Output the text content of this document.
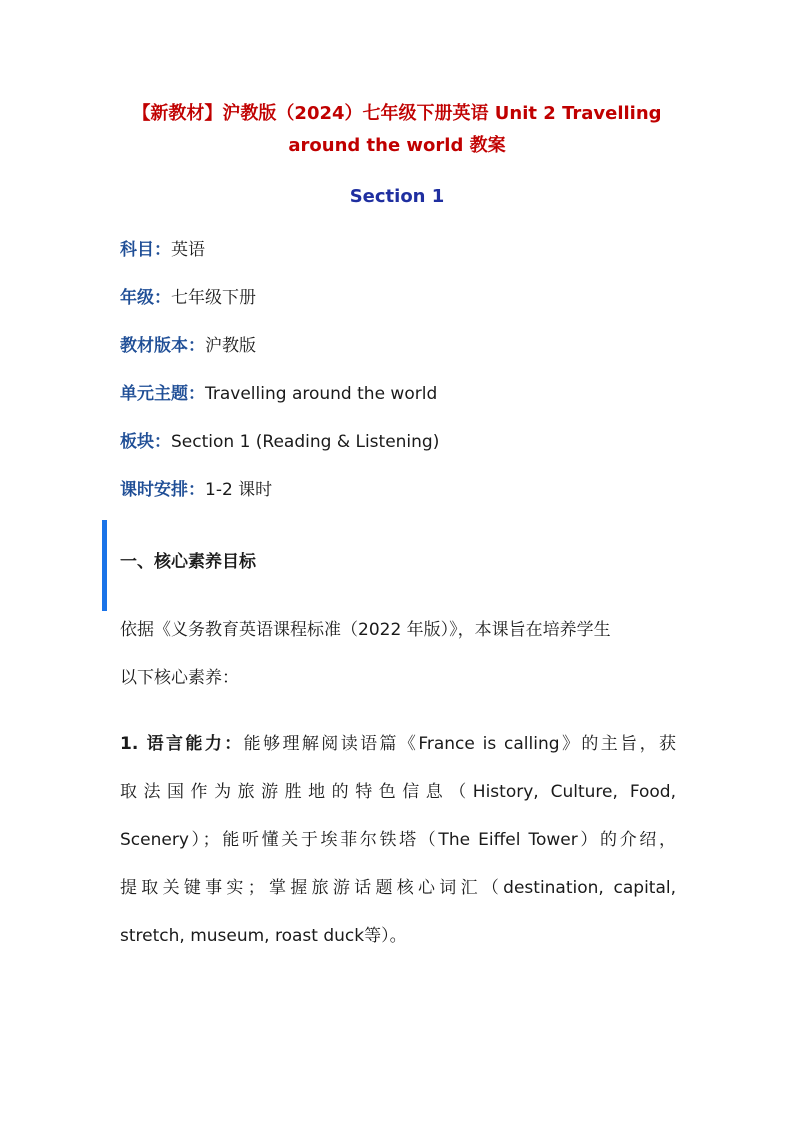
【新教材】沪教版（2024）七年级下册英语 Unit 2 Travelling
around the world 教案
Section 1
科目：英语
年级：七年级下册
教材版本：沪教版
单元主题：Travelling around the world
板块：Section 1 (Reading & Listening)
课时安排：1-2 课时
一、核心素养目标
依据《义务教育英语课程标准（2022 年版）》，本课旨在培养学生
以下核心素养：
1. 语言能力：能够理解阅读语篇《France is calling》的主旨，获
取法国作为旅游胜地的特色信息（History, Culture, Food,
Scenery）；能听懂关于埃菲尔铁塔（The Eiffel Tower）的介绍，
提取关键事实；掌握旅游话题核心词汇（destination, capital,
stretch, museum, roast duck等）。
